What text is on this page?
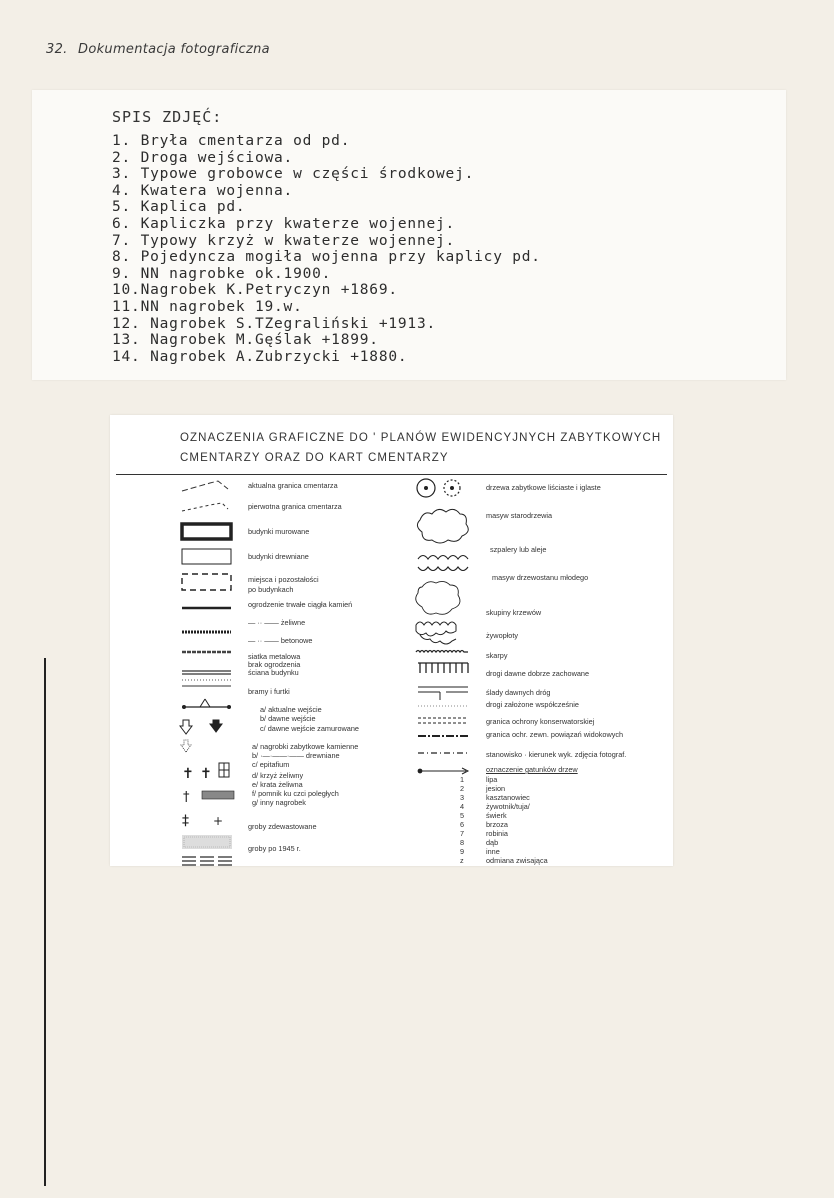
32. Dokumentacja fotograficzna
SPIS ZDJĘĆ:
1. Bryła cmentarza od pd.
2. Droga wejściowa.
3. Typowe grobowce w części środkowej.
4. Kwatera wojenna.
5. Kaplica pd.
6. Kapliczka przy kwaterze wojennej.
7. Typowy krzyż w kwaterze wojennej.
8. Pojedyncza mogiła wojenna przy kaplicy pd.
9. NN nagrobke ok.1900.
10.Nagrobek K.Petryczyn +1869.
11.NN nagrobek 19.w.
12. Nagrobek S.TZegraliński +1913.
13. Nagrobek M.Gęślak +1899.
14. Nagrobek A.Zubrzycki +1880.
OZNACZENIA GRAFICZNE DO ' PLANÓW EWIDENCYJNYCH ZABYTKOWYCH
CMENTARZY ORAZ DO KART CMENTARZY
✝ ✝
†
‡ +
aktualna granica cmentarza
pierwotna granica cmentarza
budynki murowane
budynki drewniane
miejsca i pozostałości
po budynkach
ogrodzenie trwałe ciągła kamień
— ·· —— żeliwne
— ·· —— betonowe
siatka metalowa
brak ogrodzenia
ściana budynku
bramy i furtki
a/ aktualne wejście
b/ dawne wejście
c/ dawne wejście zamurowane
a/ nagrobki zabytkowe kamienne
b/ ·—·——·—— drewniane
c/ epitafium
d/ krzyż żeliwny
e/ krata żeliwna
f/ pomnik ku czci poległych
g/ inny nagrobek
groby zdewastowane
groby po 1945 r.
drzewa zabytkowe liściaste i iglaste
masyw starodrzewia
szpalery lub aleje
masyw drzewostanu młodego
skupiny krzewów
żywopłoty
skarpy
drogi dawne dobrze zachowane
ślady dawnych dróg
drogi założone współcześnie
granica ochrony konserwatorskiej
granica ochr. zewn. powiązań widokowych
stanowisko · kierunek wyk. zdjęcia fotograf.
oznaczenie gatunków drzew
1	lipa
2	jesion
3	kasztanowiec
4	żywotnik/tuja/
5	świerk
6	brzoza
7	robinia
8	dąb
9	inne
z	odmiana zwisająca
